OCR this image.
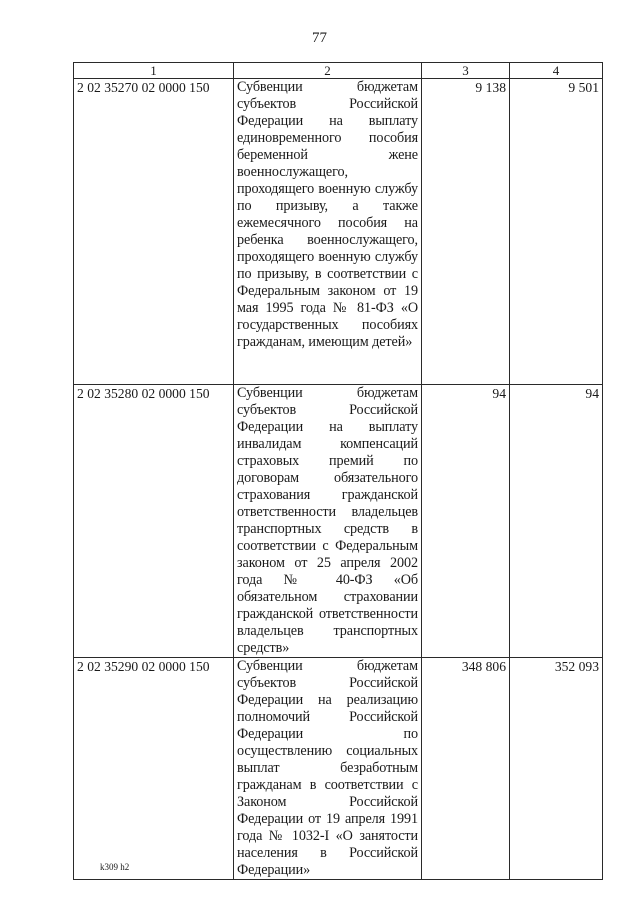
77
1	2	3	4
2 02 35270 02 0000 150	Субвенции бюджетам субъектов Российской Федерации на выплату единовременного пособия беременной жене военнослужащего, проходящего военную службу по призыву, а также ежемесячного пособия на ребенка военнослужащего, проходящего военную службу по призыву, в соответствии с Федеральным законом от 19 мая 1995 года № 81-ФЗ «О государственных пособиях гражданам, имеющим детей»	9 138	9 501
2 02 35280 02 0000 150	Субвенции бюджетам субъектов Российской Федерации на выплату инвалидам компенсаций страховых премий по договорам обязательного страхования гражданской ответственности владельцев транспортных средств в соответствии с Федеральным законом от 25 апреля 2002 года № 40-ФЗ «Об обязательном страховании гражданской ответственности владельцев транспортных средств»	94	94
2 02 35290 02 0000 150	Субвенции бюджетам субъектов Российской Федерации на реализацию полномочий Российской Федерации по осуществлению социальных выплат безработным гражданам в соответствии с Законом Российской Федерации от 19 апреля 1991 года № 1032-I «О занятости населения в Российской Федерации»	348 806	352 093
k309 h2
